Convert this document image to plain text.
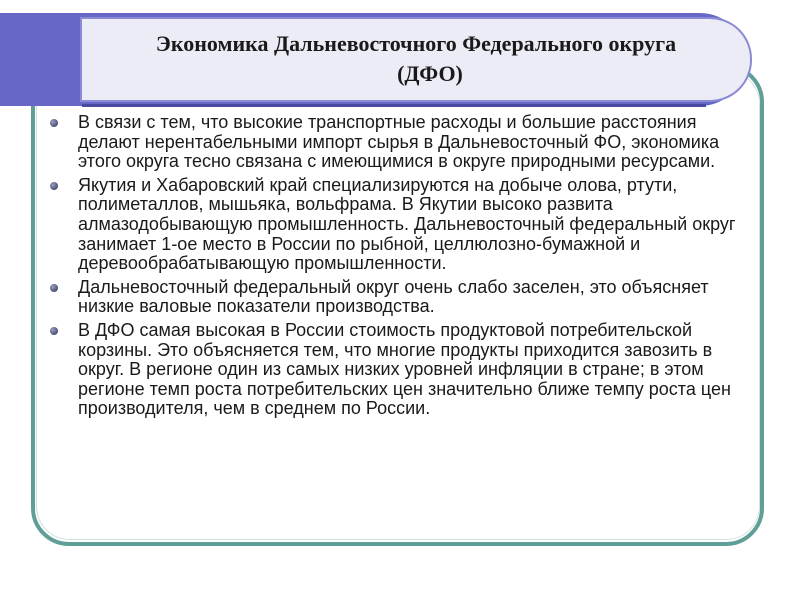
Экономика Дальневосточного Федерального округа
(ДФО)
В связи с тем, что высокие транспортные расходы и большие расстояния делают нерентабельными импорт сырья в Дальневосточный ФО, экономика этого округа тесно связана с имеющимися в округе природными ресурсами.
Якутия и Хабаровский край специализируются на добыче олова, ртути, полиметаллов, мышьяка, вольфрама. В Якутии высоко развита алмазодобывающую промышленность. Дальневосточный федеральный округ занимает 1-ое место в России по рыбной, целлюлозно-бумажной и деревообрабатывающую промышленности.
Дальневосточный федеральный округ очень слабо заселен, это объясняет низкие валовые показатели производства.
В ДФО самая высокая в России стоимость продуктовой потребительской корзины. Это объясняется тем, что многие продукты приходится завозить в округ. В регионе один из самых низких уровней инфляции в стране; в этом регионе темп роста потребительских цен значительно ближе темпу роста цен производителя, чем в среднем по России.
